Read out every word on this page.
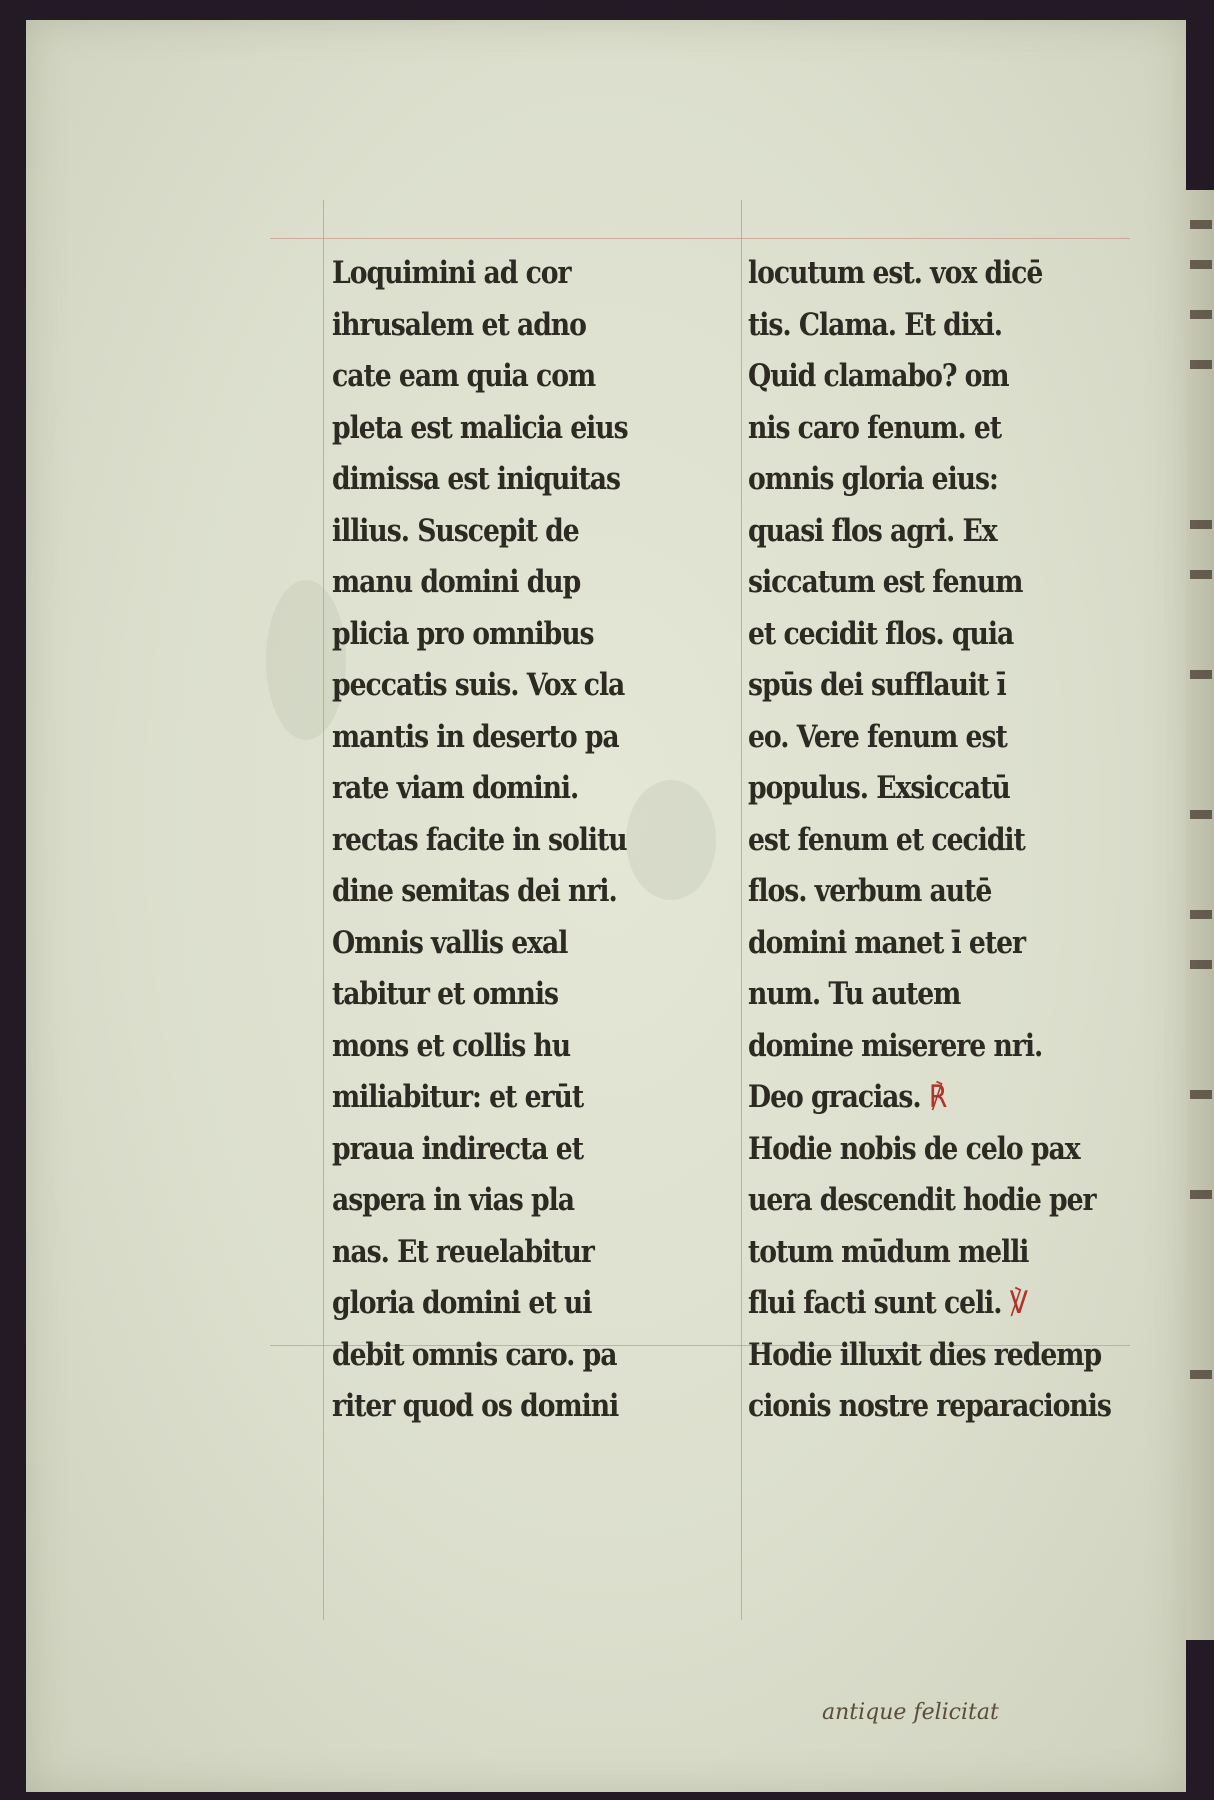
Loquimini ad cor
ihrusalem et adno
cate eam quia com
pleta est malicia eius
dimissa est iniquitas
illius. Suscepit de
manu domini dup
plicia pro omnibus
peccatis suis. Vox cla
mantis in deserto pa
rate viam domini.
rectas facite in solitu
dine semitas dei nri.
Omnis vallis exal
tabitur et omnis
mons et collis hu
miliabitur: et erūt
praua indirecta et
aspera in vias pla
nas. Et reuelabitur
gloria domini et ui
debit omnis caro. pa
riter quod os domini
locutum est. vox dicē
tis. Clama. Et dixi.
Quid clamabo? om
nis caro fenum. et
omnis gloria eius:
quasi flos agri. Ex
siccatum est fenum
et cecidit flos. quia
spūs dei sufflauit ī
eo. Vere fenum est
populus. Exsiccatū
est fenum et cecidit
flos. verbum autē
domini manet ī eter
num. Tu autem
domine miserere nri.
Deo gracias. ℟
Hodie nobis de celo pax
uera descendit hodie per
totum mūdum melli
flui facti sunt celi. ℣
Hodie illuxit dies redemp
cionis nostre reparacionis
antique felicitat
